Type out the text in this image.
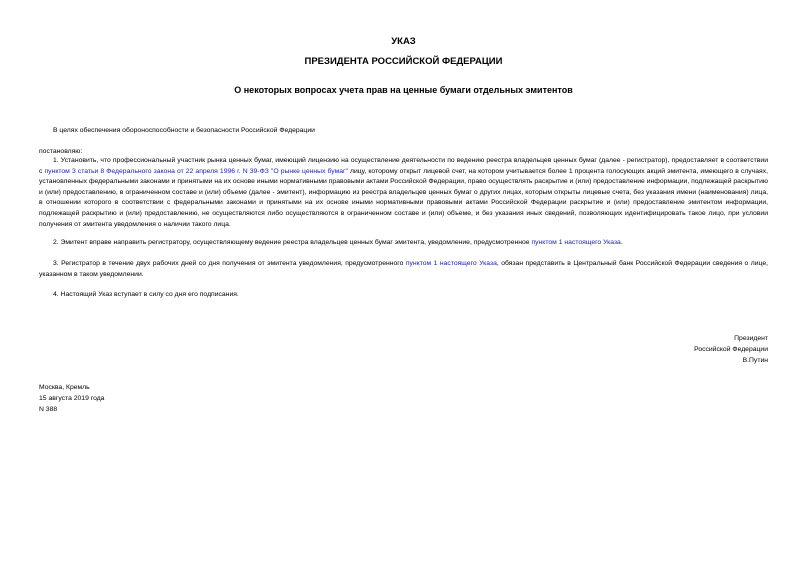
УКАЗ
ПРЕЗИДЕНТА РОССИЙСКОЙ ФЕДЕРАЦИИ
О некоторых вопросах учета прав на ценные бумаги отдельных эмитентов
В целях обеспечения обороноспособности и безопасности Российской Федерации
постановляю:

1. Установить, что профессиональный участник рынка ценных бумаг, имеющий лицензию на осуществление деятельности по ведению реестра владельцев ценных бумаг (далее - регистратор), предоставляет в соответствии с пунктом 3 статьи 8 Федерального закона от 22 апреля 1996 г. N 39-ФЗ "О рынке ценных бумаг" лицу, которому открыт лицевой счет, на котором учитывается более 1 процента голосующих акций эмитента, имеющего в случаях, установленных федеральными законами и принятыми на их основе иными нормативными правовыми актами Российской Федерации, право осуществлять раскрытие и (или) предоставление информации, подлежащей раскрытию и (или) предоставлению, в ограниченном составе и (или) объеме (далее - эмитент), информацию из реестра владельцев ценных бумаг о других лицах, которым открыты лицевые счета, без указания имени (наименования) лица, в отношении которого в соответствии с федеральными законами и принятыми на их основе иными нормативными правовыми актами Российской Федерации раскрытие и (или) предоставление эмитентом информации, подлежащей раскрытию и (или) предоставлению, не осуществляются либо осуществляются в ограниченном составе и (или) объеме, и без указания иных сведений, позволяющих идентифицировать такое лицо, при условии получения от эмитента уведомления о наличии такого лица.

2. Эмитент вправе направить регистратору, осуществляющему ведение реестра владельцев ценных бумаг эмитента, уведомление, предусмотренное пунктом 1 настоящего Указа.

3. Регистратор в течение двух рабочих дней со дня получения от эмитента уведомления, предусмотренного пунктом 1 настоящего Указа, обязан представить в Центральный банк Российской Федерации сведения о лице, указанном в таком уведомлении.

4. Настоящий Указ вступает в силу со дня его подписания.

Президент
Российской Федерации
В.Путин
Москва, Кремль
15 августа 2019 года
N 388
